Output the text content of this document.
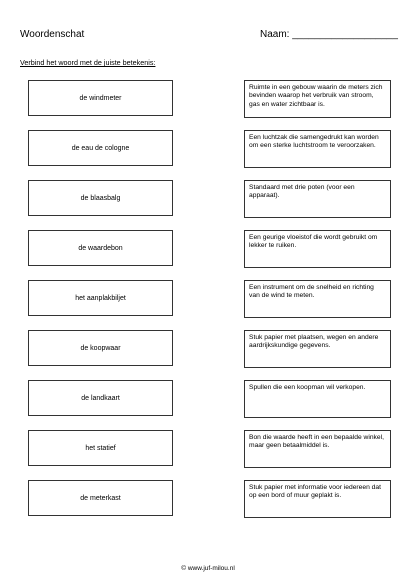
Woordenschat	Naam: ___________________
Verbind het woord met de juiste betekenis:
de windmeter
de eau de cologne
de blaasbalg
de waardebon
het aanplakbiljet
de koopwaar
de landkaart
het statief
de meterkast
Ruimte in een gebouw waarin de meters zich bevinden waarop het verbruik van stroom, gas en water zichtbaar is.
Een luchtzak die samengedrukt kan worden om een sterke luchtstroom te veroorzaken.
Standaard met drie poten (voor een apparaat).
Een geurige vloeistof die wordt gebruikt om lekker te ruiken.
Een instrument om de snelheid en richting van de wind te meten.
Stuk papier met plaatsen, wegen en andere aardrijkskundige gegevens.
Spullen die een koopman wil verkopen.
Bon die waarde heeft in een bepaalde winkel, maar geen betaalmiddel is.
Stuk papier met informatie voor iedereen dat op een bord of muur geplakt is.
© www.juf-milou.nl
